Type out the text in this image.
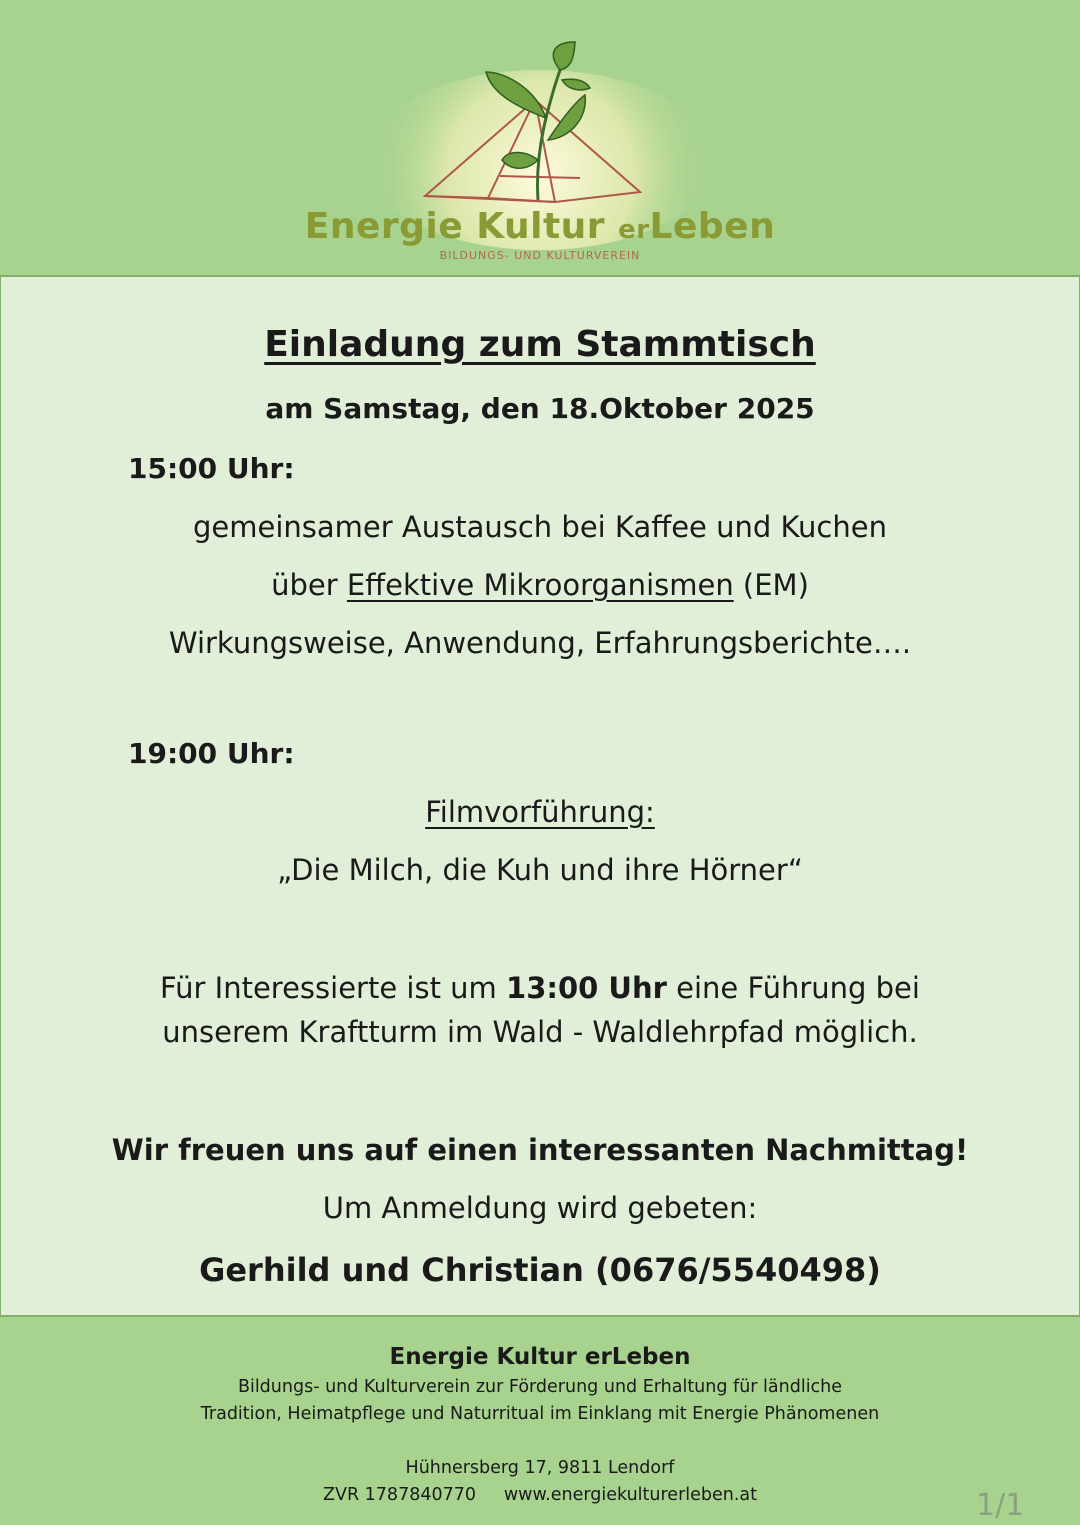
Energie Kultur erLeben
BILDUNGS- UND KULTURVEREIN
Einladung zum Stammtisch
am Samstag, den 18.Oktober 2025
15:00 Uhr:
gemeinsamer Austausch bei Kaffee und Kuchen
über Effektive Mikroorganismen (EM)
Wirkungsweise, Anwendung, Erfahrungsberichte….
19:00 Uhr:
Filmvorführung:
„Die Milch, die Kuh und ihre Hörner“
Für Interessierte ist um 13:00 Uhr eine Führung bei
unserem Kraftturm im Wald - Waldlehrpfad möglich.
Wir freuen uns auf einen interessanten Nachmittag!
Um Anmeldung wird gebeten:
Gerhild und Christian (0676/5540498)
Energie Kultur erLeben
Bildungs- und Kulturverein zur Förderung und Erhaltung für ländliche
Tradition, Heimatpflege und Naturritual im Einklang mit Energie Phänomenen
Hühnersberg 17, 9811 Lendorf
ZVR 1787840770 www.energiekulturerleben.at	1/1
